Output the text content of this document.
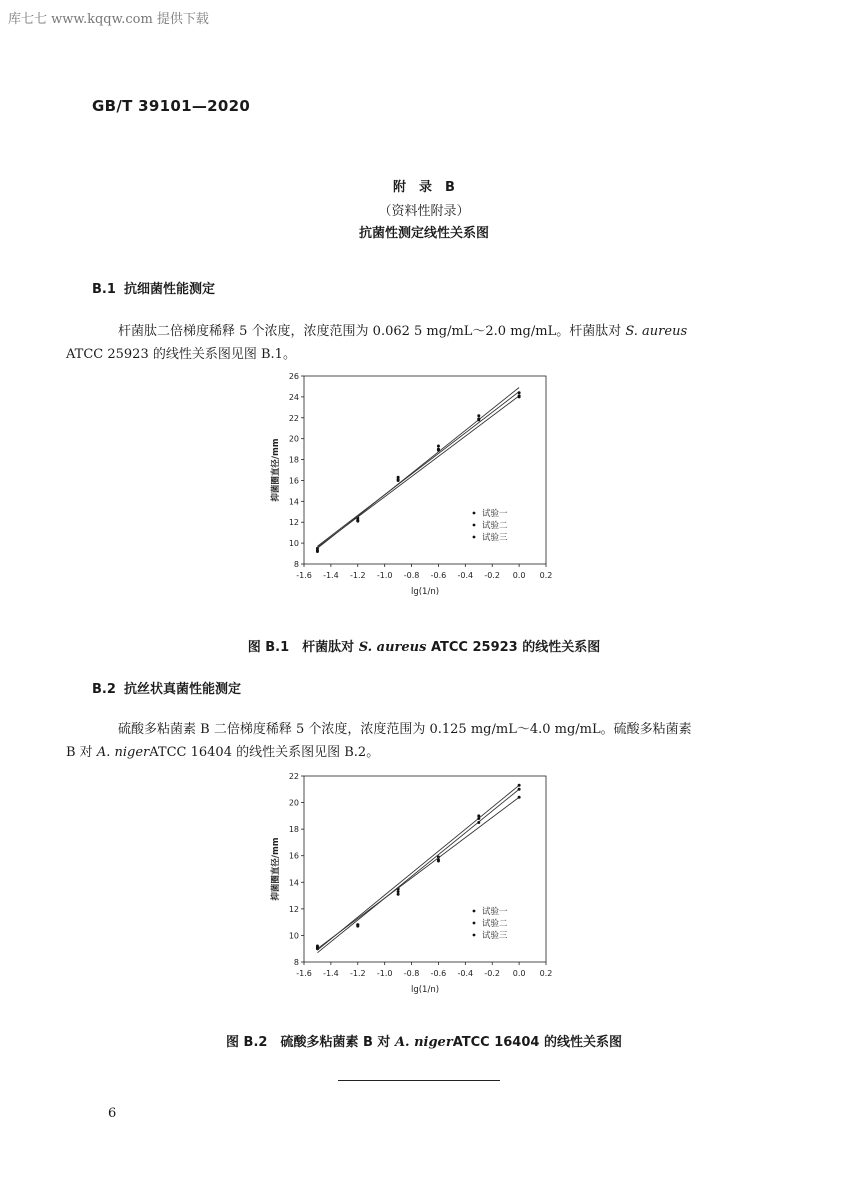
库七七 www.kqqw.com 提供下载
GB/T 39101—2020
附　录　B
（资料性附录）
抗菌性测定线性关系图
B.1 抗细菌性能测定
杆菌肽二倍梯度稀释 5 个浓度，浓度范围为 0.062 5 mg/mL～2.0 mg/mL。杆菌肽对 S. aureus
ATCC 25923 的线性关系图见图 B.1。
-1.6 -1.4 -1.2 -1.0 -0.8 -0.6 -0.4 -0.2 0.0 0.2
8
10
12
14
16
18
20
22
24
26
lg(1/n)
抑菌圈直径/mm
试验一
试验二
试验三
图 B.1　杆菌肽对 S. aureus ATCC 25923 的线性关系图
B.2 抗丝状真菌性能测定
硫酸多粘菌素 B 二倍梯度稀释 5 个浓度，浓度范围为 0.125 mg/mL～4.0 mg/mL。硫酸多粘菌素
B 对 A. nigerATCC 16404 的线性关系图见图 B.2。
-1.6 -1.4 -1.2 -1.0 -0.8 -0.6 -0.4 -0.2 0.0 0.2
8
10
12
14
16
18
20
22
lg(1/n)
抑菌圈直径/mm
试验一
试验二
试验三
图 B.2　硫酸多粘菌素 B 对 A. nigerATCC 16404 的线性关系图
6
